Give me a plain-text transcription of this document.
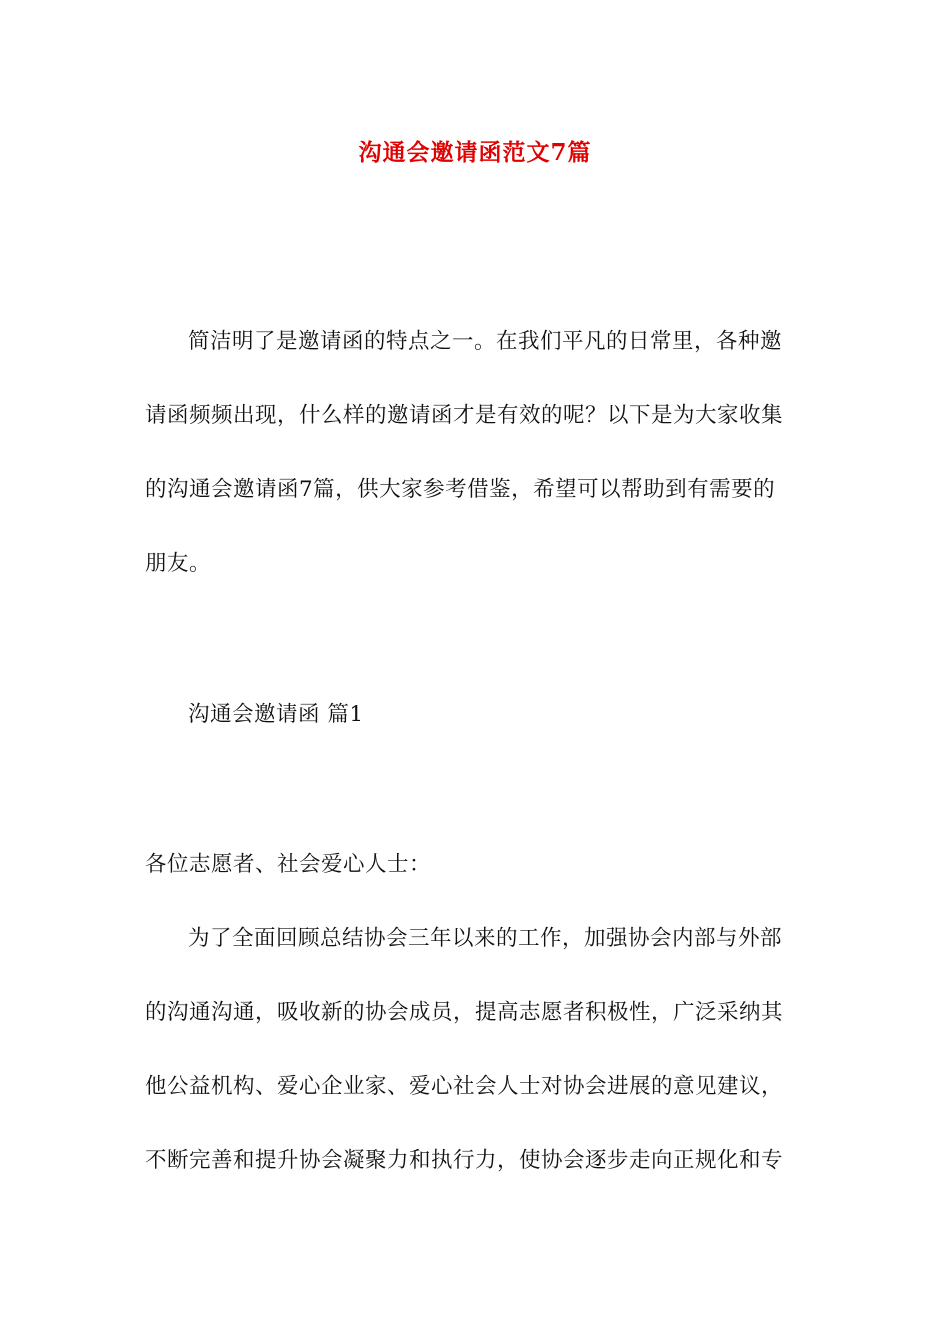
沟通会邀请函范文7篇
简洁明了是邀请函的特点之一。在我们平凡的日常里，各种邀
请函频频出现，什么样的邀请函才是有效的呢？以下是为大家收集
的沟通会邀请函7篇，供大家参考借鉴，希望可以帮助到有需要的
朋友。
沟通会邀请函 篇1
各位志愿者、社会爱心人士：
为了全面回顾总结协会三年以来的工作，加强协会内部与外部
的沟通沟通，吸收新的协会成员，提高志愿者积极性，广泛采纳其
他公益机构、爱心企业家、爱心社会人士对协会进展的意见建议，
不断完善和提升协会凝聚力和执行力，使协会逐步走向正规化和专
